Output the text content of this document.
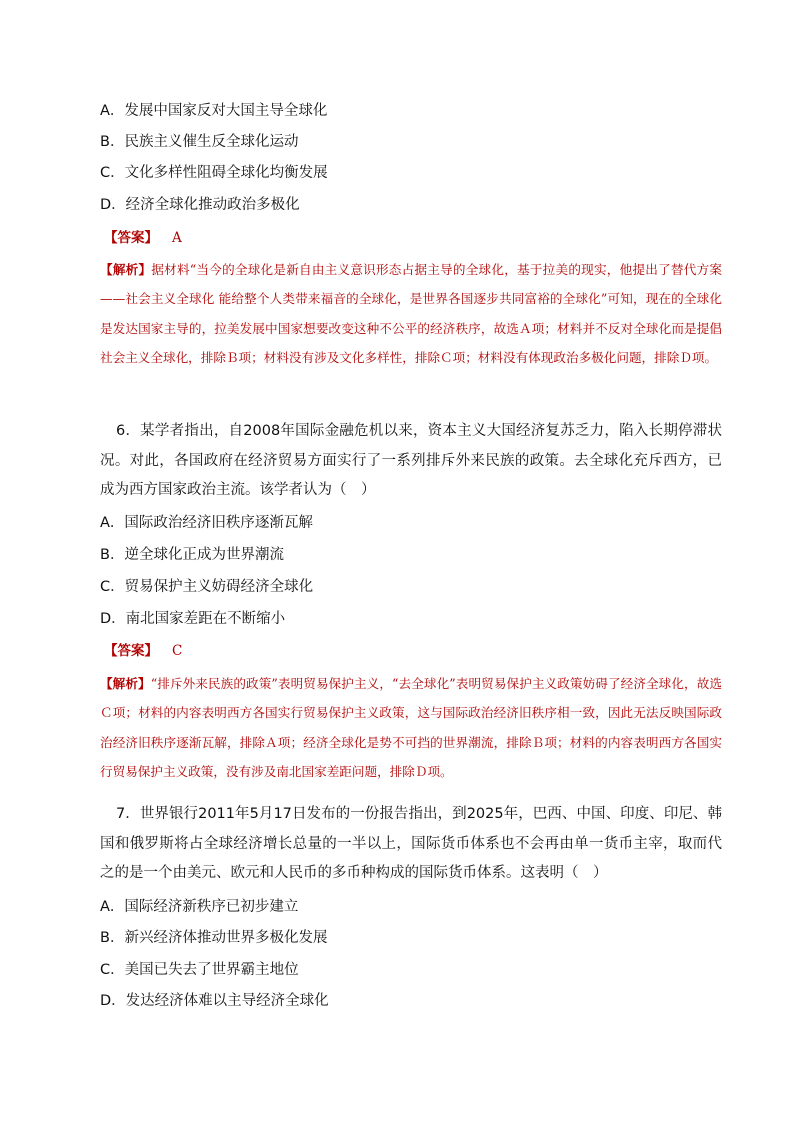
A．发展中国家反对大国主导全球化
B．民族主义催生反全球化运动
C．文化多样性阻碍全球化均衡发展
D．经济全球化推动政治多极化
【答案】 A
【解析】据材料“当今的全球化是新自由主义意识形态占据主导的全球化，基于拉美的现实，他提出了替代方案——社会主义全球化 能给整个人类带来福音的全球化，是世界各国逐步共同富裕的全球化”可知，现在的全球化是发达国家主导的，拉美发展中国家想要改变这种不公平的经济秩序，故选Ａ项；材料并不反对全球化而是提倡社会主义全球化，排除Ｂ项；材料没有涉及文化多样性，排除Ｃ项；材料没有体现政治多极化问题，排除Ｄ项。
6．某学者指出，自2008年国际金融危机以来，资本主义大国经济复苏乏力，陷入长期停滞状况。对此，各国政府在经济贸易方面实行了一系列排斥外来民族的政策。去全球化充斥西方，已成为西方国家政治主流。该学者认为（　）
A．国际政治经济旧秩序逐渐瓦解
B．逆全球化正成为世界潮流
C．贸易保护主义妨碍经济全球化
D．南北国家差距在不断缩小
【答案】 C
【解析】“排斥外来民族的政策”表明贸易保护主义，“去全球化”表明贸易保护主义政策妨碍了经济全球化，故选Ｃ项；材料的内容表明西方各国实行贸易保护主义政策，这与国际政治经济旧秩序相一致，因此无法反映国际政治经济旧秩序逐渐瓦解，排除Ａ项；经济全球化是势不可挡的世界潮流，排除Ｂ项；材料的内容表明西方各国实行贸易保护主义政策，没有涉及南北国家差距问题，排除Ｄ项。
7．世界银行2011年5月17日发布的一份报告指出，到2025年，巴西、中国、印度、印尼、韩国和俄罗斯将占全球经济增长总量的一半以上，国际货币体系也不会再由单一货币主宰，取而代之的是一个由美元、欧元和人民币的多币种构成的国际货币体系。这表明（　）
A．国际经济新秩序已初步建立
B．新兴经济体推动世界多极化发展
C．美国已失去了世界霸主地位
D．发达经济体难以主导经济全球化
